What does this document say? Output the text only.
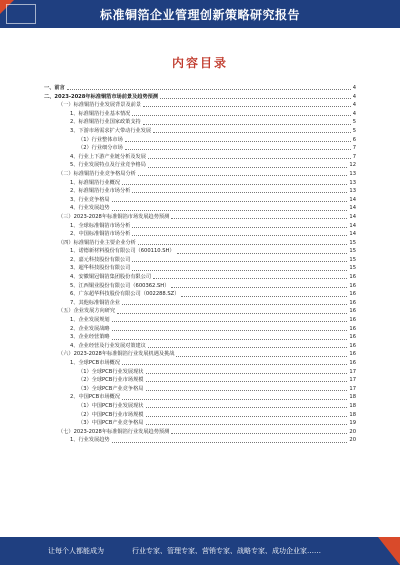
标准铜箔企业管理创新策略研究报告
内容目录
一、前言	4
二、2023-2028年标准铜箔市场前景及趋势预测	4
（一）标准铜箔行业发展背景及前景	4
1、标准铜箔行业基本情况	4
2、标准铜箔行业国家政策支持	5
3、下游市场需求扩大带动行业发展	5
（1）行业整体市场	6
（2）行业细分市场	7
4、行业上下游产业链分析及发展	7
5、行业发展特点及行业竞争格局	12
（二）标准铜箔行业竞争格局分析	13
1、标准铜箔行业概况	13
2、标准铜箔行业市场分析	13
3、行业竞争格局	14
4、行业发展趋势	14
（三）2023-2028年标准铜箔市场发展趋势预测	14
1、全球标准铜箔市场分析	14
2、中国标准铜箔市场分析	14
（四）标准铜箔行业主要企业分析	15
1、诺德新材料股份有限公司（600110.SH）	15
2、嘉元科技股份有限公司	15
3、超华科技股份有限公司	15
4、安徽铜冠铜箔集团股份有限公司	16
5、江西铜业股份有限公司（600362.SH）	16
6、广东超华科技股份有限公司（002288.SZ）	16
7、其他标准铜箔企业	16
（五）企业发展方向研究	16
1、企业发展规划	16
2、企业发展战略	16
3、企业经营策略	16
4、企业经营及行业发展对策建议	16
（六）2023-2028年标准铜箔行业发展机遇及挑战	16
1、全球PCB市场概况	16
（1）全球PCB行业发展现状	17
（2）全球PCB行业市场规模	17
（3）全球PCB产业竞争格局	17
2、中国PCB市场概况	18
（1）中国PCB行业发展现状	18
（2）中国PCB行业市场规模	18
（3）中国PCB产业竞争格局	19
（七）2023-2028年标准铜箔行业发展趋势预测	20
1、行业发展趋势	20
让每个人都能成为	行业专家、管理专家、营销专家、战略专家、成功企业家……
